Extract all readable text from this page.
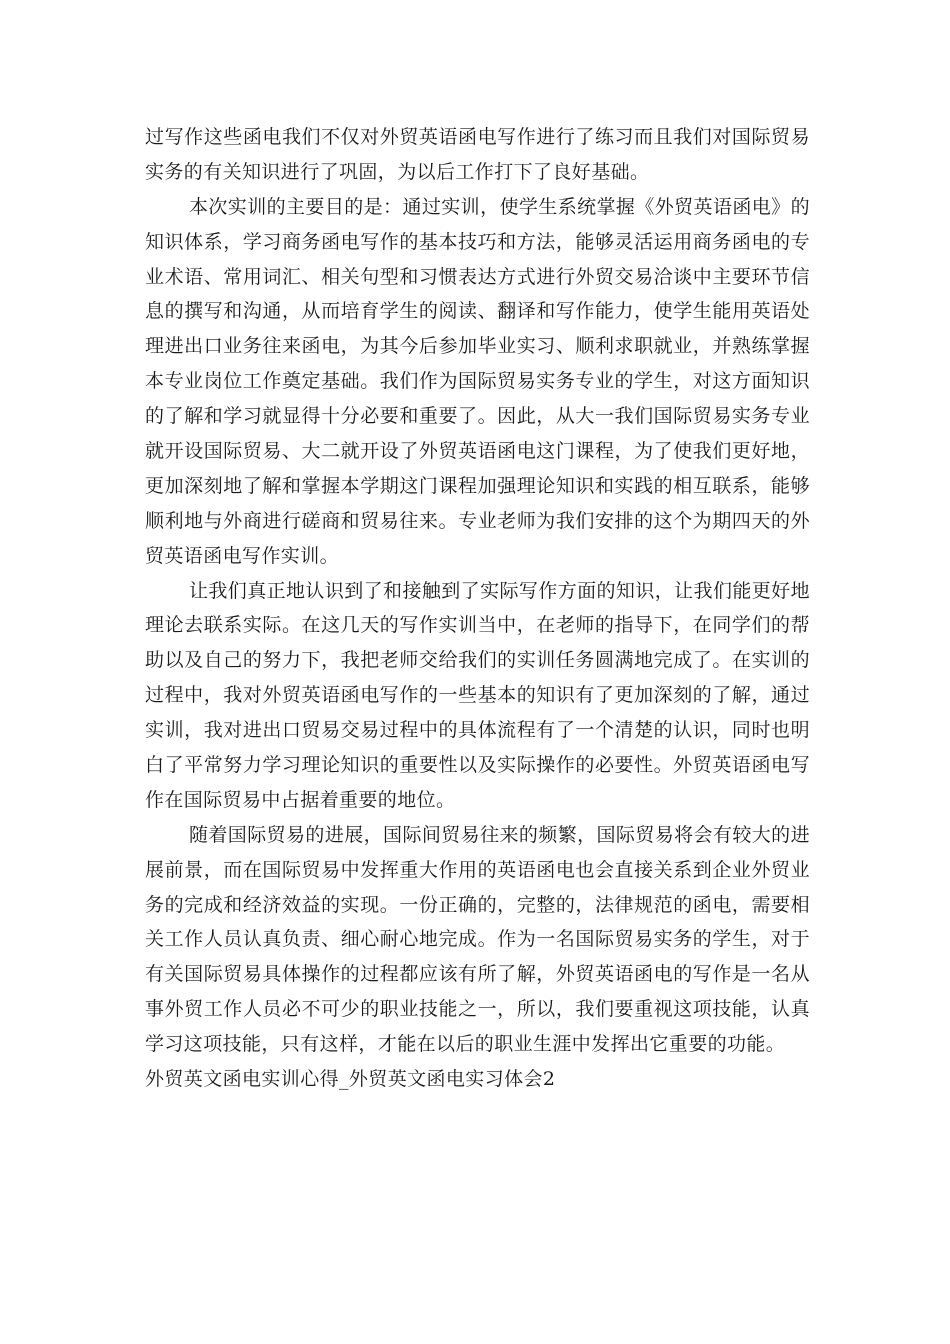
过写作这些函电我们不仅对外贸英语函电写作进行了练习而且我们对国际贸易
实务的有关知识进行了巩固，为以后工作打下了良好基础。
本次实训的主要目的是：通过实训，使学生系统掌握《外贸英语函电》的
知识体系，学习商务函电写作的基本技巧和方法，能够灵活运用商务函电的专
业术语、常用词汇、相关句型和习惯表达方式进行外贸交易洽谈中主要环节信
息的撰写和沟通，从而培育学生的阅读、翻译和写作能力，使学生能用英语处
理进出口业务往来函电，为其今后参加毕业实习、顺利求职就业，并熟练掌握
本专业岗位工作奠定基础。我们作为国际贸易实务专业的学生，对这方面知识
的了解和学习就显得十分必要和重要了。因此，从大一我们国际贸易实务专业
就开设国际贸易、大二就开设了外贸英语函电这门课程，为了使我们更好地，
更加深刻地了解和掌握本学期这门课程加强理论知识和实践的相互联系，能够
顺利地与外商进行磋商和贸易往来。专业老师为我们安排的这个为期四天的外
贸英语函电写作实训。
让我们真正地认识到了和接触到了实际写作方面的知识，让我们能更好地
理论去联系实际。在这几天的写作实训当中，在老师的指导下，在同学们的帮
助以及自己的努力下，我把老师交给我们的实训任务圆满地完成了。在实训的
过程中，我对外贸英语函电写作的一些基本的知识有了更加深刻的了解，通过
实训，我对进出口贸易交易过程中的具体流程有了一个清楚的认识，同时也明
白了平常努力学习理论知识的重要性以及实际操作的必要性。外贸英语函电写
作在国际贸易中占据着重要的地位。
随着国际贸易的进展，国际间贸易往来的频繁，国际贸易将会有较大的进
展前景，而在国际贸易中发挥重大作用的英语函电也会直接关系到企业外贸业
务的完成和经济效益的实现。一份正确的，完整的，法律规范的函电，需要相
关工作人员认真负责、细心耐心地完成。作为一名国际贸易实务的学生，对于
有关国际贸易具体操作的过程都应该有所了解，外贸英语函电的写作是一名从
事外贸工作人员必不可少的职业技能之一，所以，我们要重视这项技能，认真
学习这项技能，只有这样，才能在以后的职业生涯中发挥出它重要的功能。
外贸英文函电实训心得_外贸英文函电实习体会2
